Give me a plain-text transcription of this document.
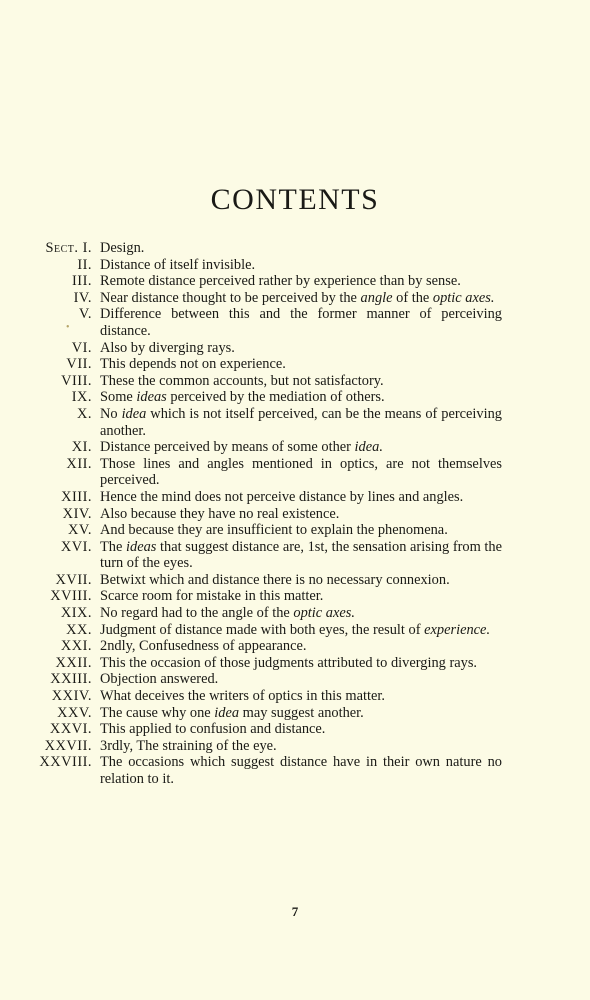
CONTENTS
•
Sect. I. Design.
II. Distance of itself invisible.
III. Remote distance perceived rather by experience than by sense.
IV. Near distance thought to be perceived by the angle of the optic axes.
V. Difference between this and the former manner of perceiving distance.
VI. Also by diverging rays.
VII. This depends not on experience.
VIII. These the common accounts, but not satisfactory.
IX. Some ideas perceived by the mediation of others.
X. No idea which is not itself perceived, can be the means of perceiving another.
XI. Distance perceived by means of some other idea.
XII. Those lines and angles mentioned in optics, are not themselves perceived.
XIII. Hence the mind does not perceive distance by lines and angles.
XIV. Also because they have no real existence.
XV. And because they are insufficient to explain the phenomena.
XVI. The ideas that suggest distance are, 1st, the sensation arising from the turn of the eyes.
XVII. Betwixt which and distance there is no necessary connexion.
XVIII. Scarce room for mistake in this matter.
XIX. No regard had to the angle of the optic axes.
XX. Judgment of distance made with both eyes, the result of experience.
XXI. 2ndly, Confusedness of appearance.
XXII. This the occasion of those judgments attributed to diverging rays.
XXIII. Objection answered.
XXIV. What deceives the writers of optics in this matter.
XXV. The cause why one idea may suggest another.
XXVI. This applied to confusion and distance.
XXVII. 3rdly, The straining of the eye.
XXVIII. The occasions which suggest distance have in their own nature no relation to it.
7
